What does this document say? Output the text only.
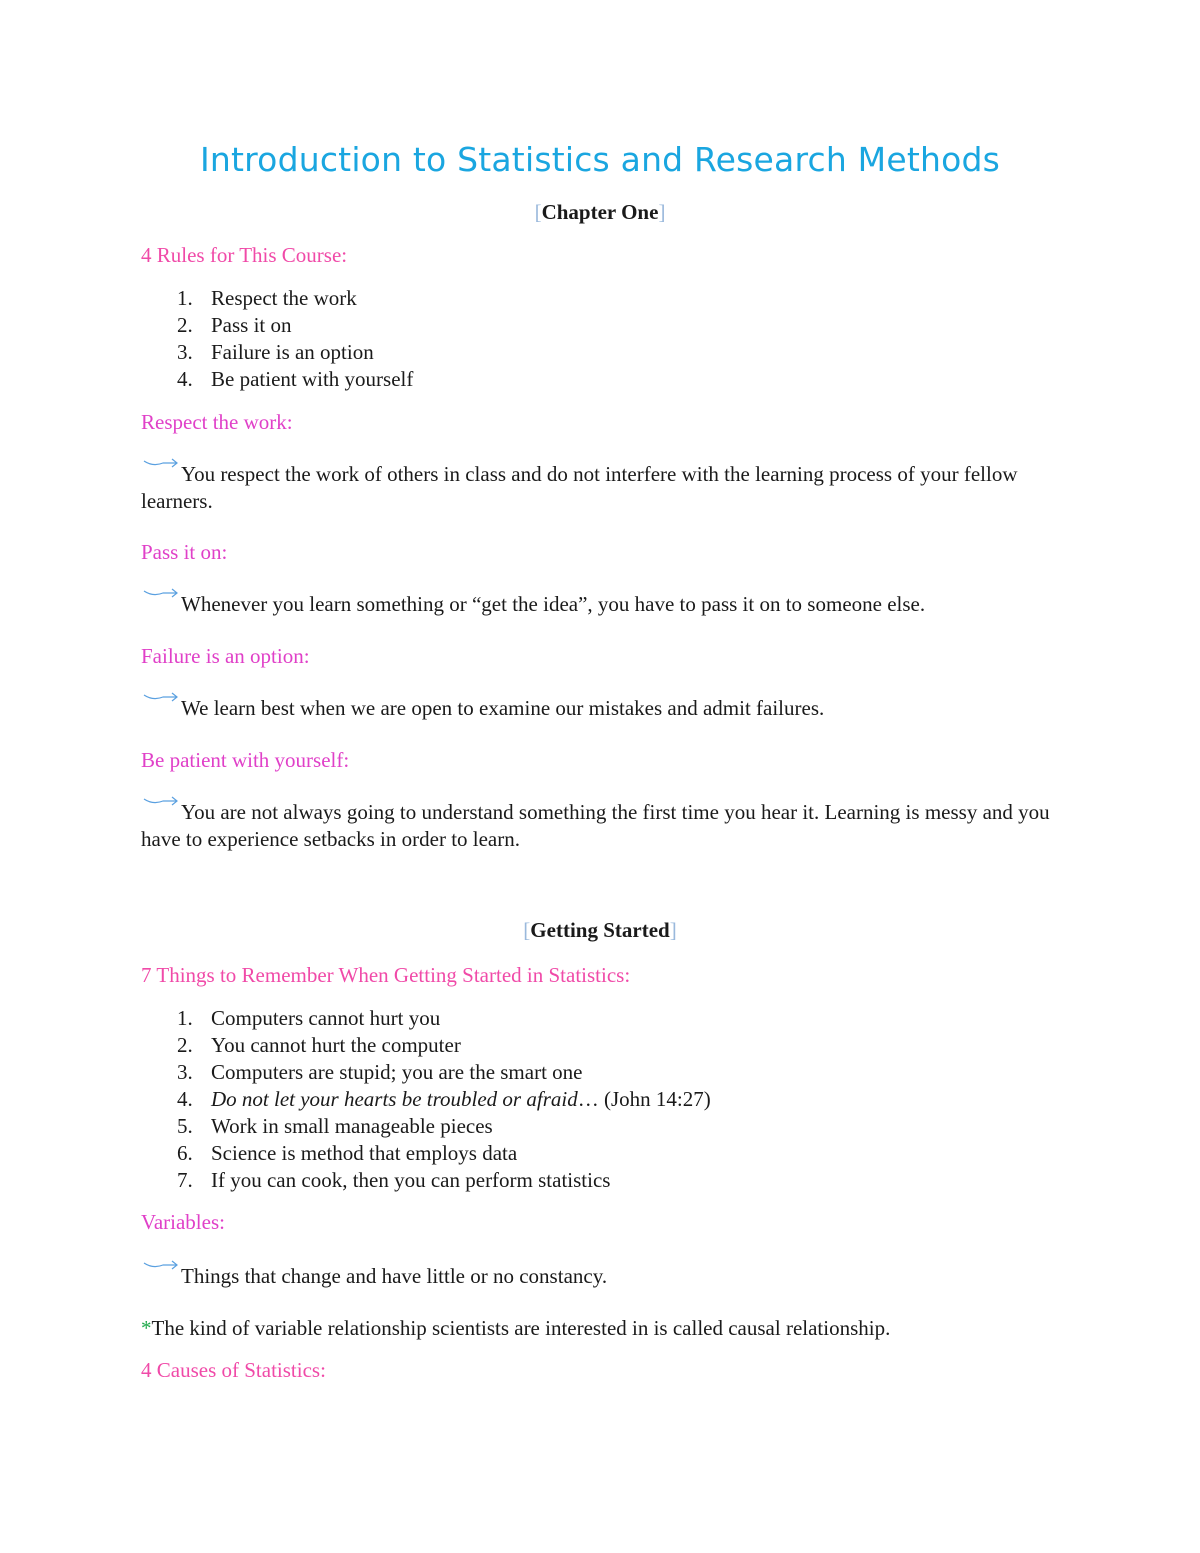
Introduction to Statistics and Research Methods

[Chapter One]

4 Rules for This Course:

1. Respect the work
2. Pass it on
3. Failure is an option
4. Be patient with yourself

Respect the work:

You respect the work of others in class and do not interfere with the learning process of your fellow learners.

Pass it on:

Whenever you learn something or “get the idea”, you have to pass it on to someone else.

Failure is an option:

We learn best when we are open to examine our mistakes and admit failures.

Be patient with yourself:

You are not always going to understand something the first time you hear it. Learning is messy and you have to experience setbacks in order to learn.

[Getting Started]

7 Things to Remember When Getting Started in Statistics:

1. Computers cannot hurt you
2. You cannot hurt the computer
3. Computers are stupid; you are the smart one
4. Do not let your hearts be troubled or afraid… (John 14:27)
5. Work in small manageable pieces
6. Science is method that employs data
7. If you can cook, then you can perform statistics

Variables:

Things that change and have little or no constancy.

*The kind of variable relationship scientists are interested in is called causal relationship.

4 Causes of Statistics:
